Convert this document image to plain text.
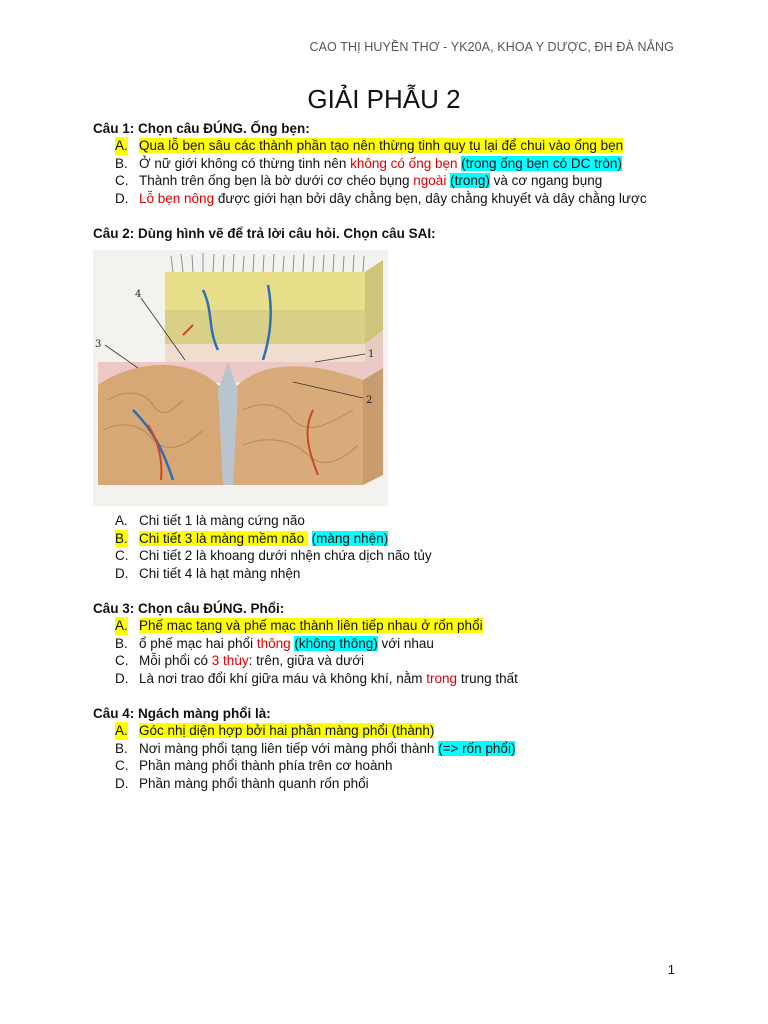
CAO THỊ HUYỀN THƠ - YK20A, KHOA Y DƯỢC, ĐH ĐÀ NẴNG
GIẢI PHẪU 2
Câu 1: Chọn câu ĐÚNG. Ống bẹn:
A. Qua lỗ bẹn sâu các thành phần tạo nên thừng tinh quy tụ lại để chui vào ống bẹn
B. Ở nữ giới không có thừng tinh nên không có ống bẹn (trong ống bẹn có DC tròn)
C. Thành trên ống bẹn là bờ dưới cơ chéo bụng ngoài (trong) và cơ ngang bụng
D. Lỗ bẹn nông được giới hạn bởi dây chằng bẹn, dây chằng khuyết và dây chằng lược
Câu 2: Dùng hình vẽ để trả lời câu hỏi. Chọn câu SAI:
4
3
1
2
A. Chi tiết 1 là màng cứng não
B. Chi tiết 3 là màng mềm não  (màng nhện)
C. Chi tiết 2 là khoang dưới nhện chứa dịch não tủy
D. Chi tiết 4 là hạt màng nhện
Câu 3: Chọn câu ĐÚNG. Phổi:
A. Phế mạc tạng và phế mạc thành liên tiếp nhau ở rốn phổi
B. ổ phế mạc hai phổi thông (không thông) với nhau
C. Mỗi phổi có 3 thùy: trên, giữa và dưới
D. Là nơi trao đổi khí giữa máu và không khí, nằm trong trung thất
Câu 4: Ngách màng phổi là:
A. Góc nhị diện hợp bởi hai phần màng phổi (thành)
B. Nơi màng phổi tạng liên tiếp với màng phổi thành (=> rốn phổi)
C. Phần màng phổi thành phía trên cơ hoành
D. Phần màng phổi thành quanh rốn phổi
1
